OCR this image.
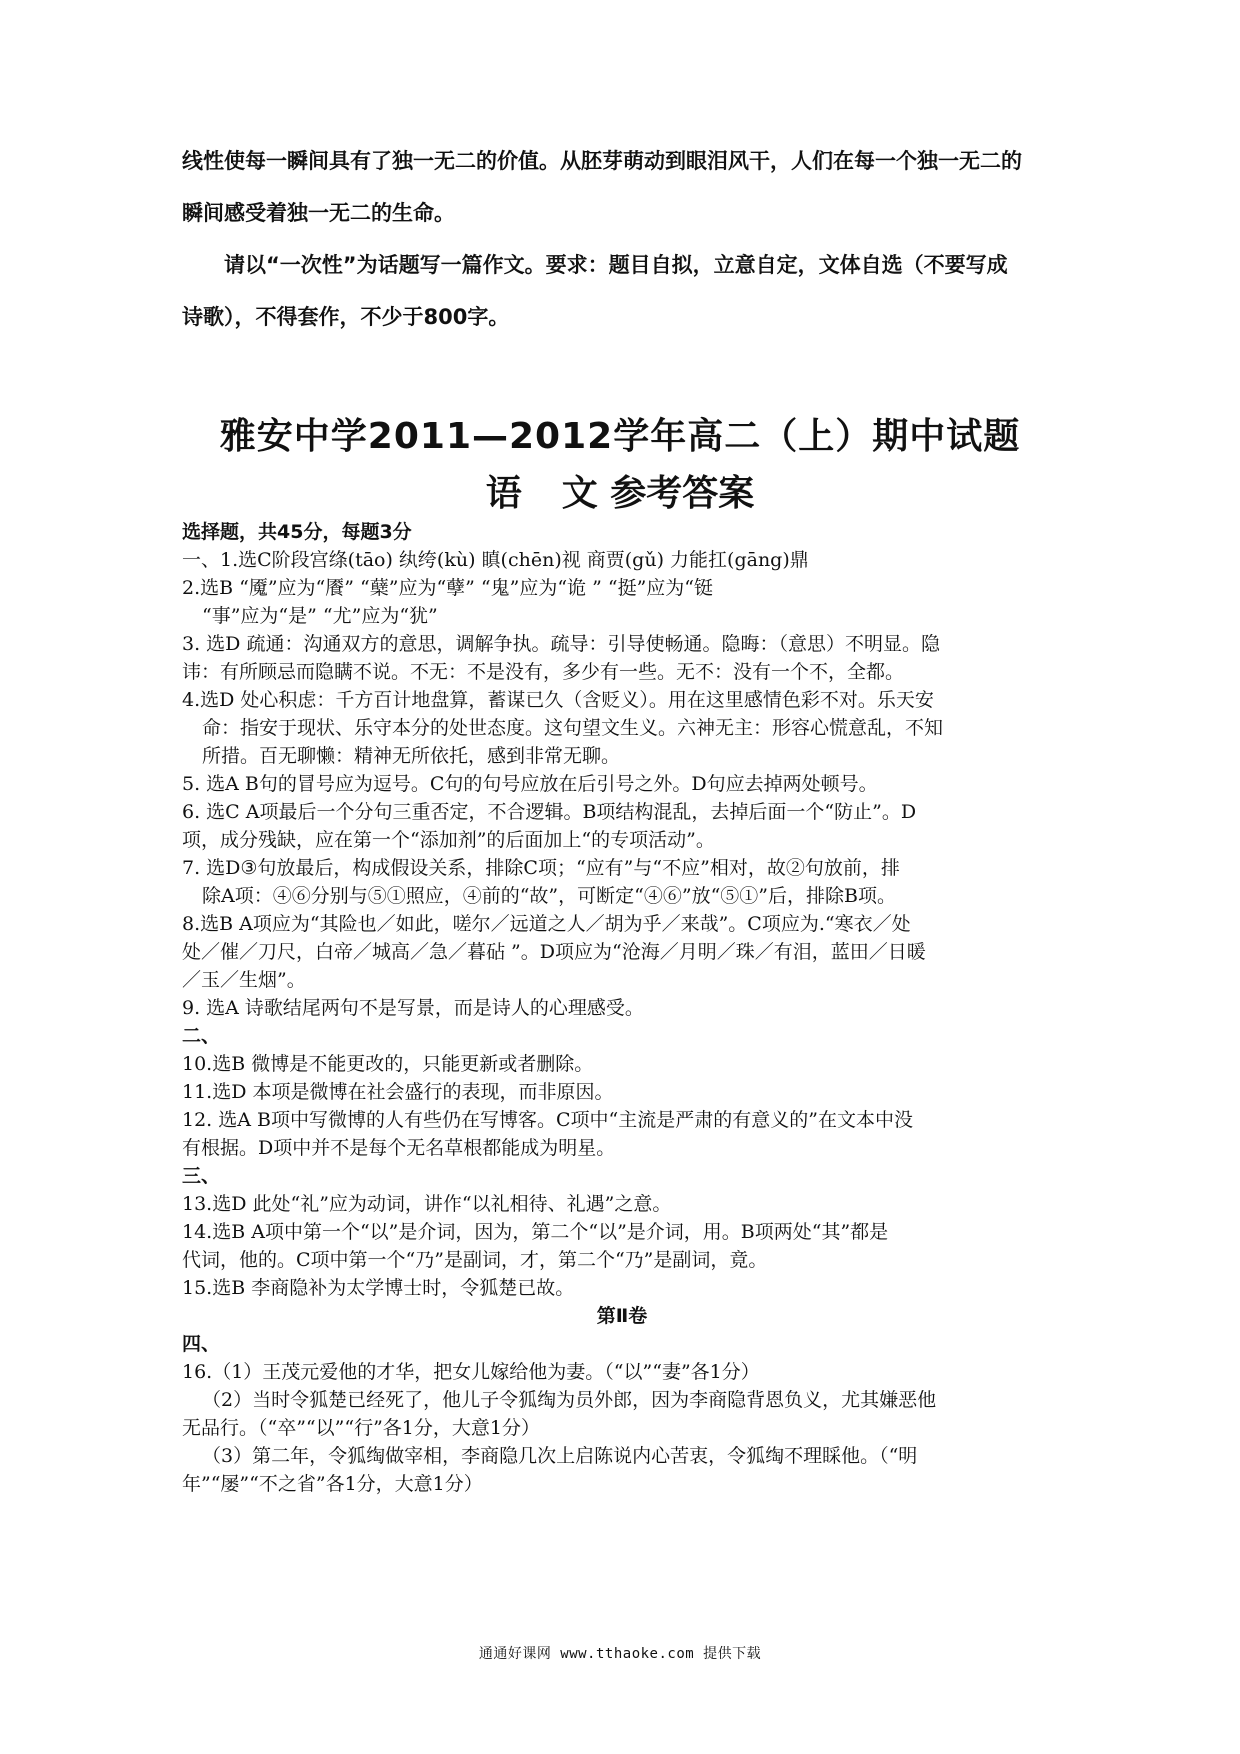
线性使每一瞬间具有了独一无二的价值。从胚芽萌动到眼泪风干，人们在每一个独一无二的

瞬间感受着独一无二的生命。

请以“一次性”为话题写一篇作文。要求：题目自拟，立意自定，文体自选（不要写成

诗歌），不得套作，不少于800字。

雅安中学2011—2012学年高二（上）期中试题
语 文 参考答案
选择题，共45分，每题3分
一、1.选C阶段宫绦(tāo) 纨绔(kù) 瞋(chēn)视 商贾(gǔ) 力能扛(gāng)鼎
2.选B “魇”应为“餍” “蘖”应为“孽” “鬼”应为“诡 ” “挺”应为“铤
“事”应为“是” “尤”应为“犹”
3. 选D 疏通：沟通双方的意思，调解争执。疏导：引导使畅通。隐晦：（意思）不明显。隐
讳：有所顾忌而隐瞒不说。不无：不是没有，多少有一些。无不：没有一个不，全都。
4.选D 处心积虑：千方百计地盘算，蓄谋已久（含贬义）。用在这里感情色彩不对。乐天安
命：指安于现状、乐守本分的处世态度。这句望文生义。六神无主：形容心慌意乱，不知
所措。百无聊懒：精神无所依托，感到非常无聊。
5. 选A B句的冒号应为逗号。C句的句号应放在后引号之外。D句应去掉两处顿号。
6. 选C A项最后一个分句三重否定，不合逻辑。B项结构混乱，去掉后面一个“防止”。D
项，成分残缺，应在第一个“添加剂”的后面加上“的专项活动”。
7. 选D③句放最后，构成假设关系，排除C项；“应有”与“不应”相对，故②句放前，排
除A项：④⑥分别与⑤①照应，④前的“故”，可断定“④⑥”放“⑤①”后，排除B项。
8.选B A项应为“其险也／如此，嗟尔／远道之人／胡为乎／来哉”。C项应为.“寒衣／处
处／催／刀尺，白帝／城高／急／暮砧 ”。D项应为“沧海／月明／珠／有泪，蓝田／日暖
／玉／生烟”。
9. 选A 诗歌结尾两句不是写景，而是诗人的心理感受。
二、
10.选B 微博是不能更改的，只能更新或者删除。
11.选D 本项是微博在社会盛行的表现，而非原因。
12. 选A B项中写微博的人有些仍在写博客。C项中“主流是严肃的有意义的”在文本中没
有根据。D项中并不是每个无名草根都能成为明星。
三、
13.选D 此处“礼”应为动词，讲作“以礼相待、礼遇”之意。
14.选B A项中第一个“以”是介词，因为，第二个“以”是介词，用。B项两处“其”都是
代词，他的。C项中第一个“乃”是副词，才，第二个“乃”是副词，竟。
15.选B 李商隐补为太学博士时，令狐楚已故。
第Ⅱ卷
四、
16.（1）王茂元爱他的才华，把女儿嫁给他为妻。（“以”“妻”各1分）
（2）当时令狐楚已经死了，他儿子令狐绹为员外郎，因为李商隐背恩负义，尤其嫌恶他
无品行。（“卒”“以”“行”各1分，大意1分）
（3）第二年，令狐绹做宰相，李商隐几次上启陈说内心苦衷，令狐绹不理睬他。（“明
年”“屡”“不之省”各1分，大意1分）
通通好课网 www.tthaoke.com 提供下载
